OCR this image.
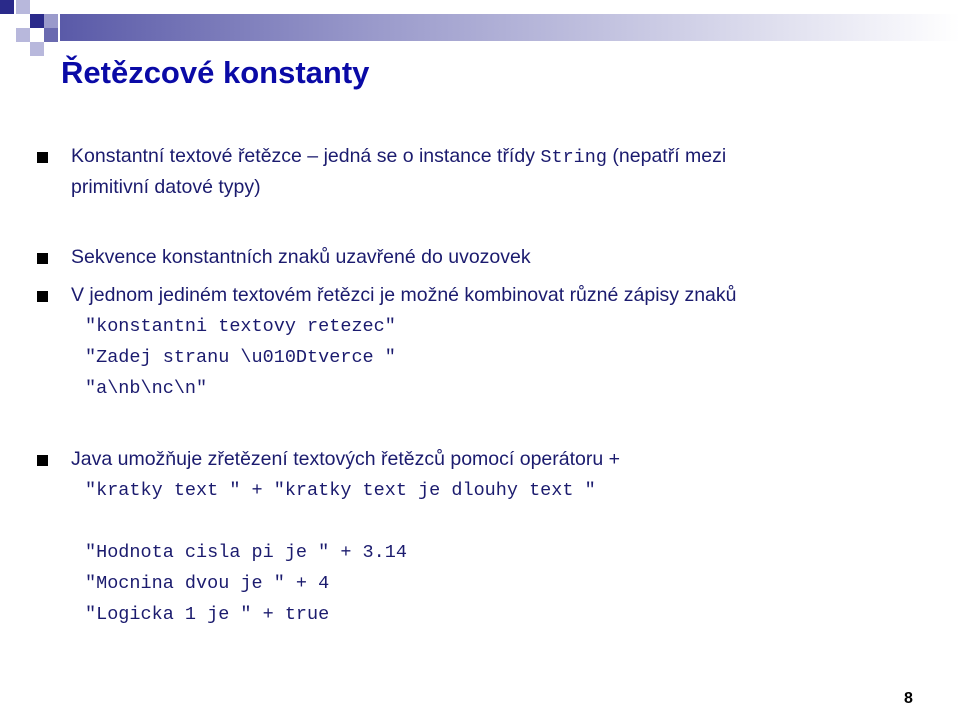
Řetězcové konstanty
Konstantní textové řetězce – jedná se o instance třídy String (nepatří mezi
primitivní datové typy)
Sekvence konstantních znaků uzavřené do uvozovek
V jednom jediném textovém řetězci je možné kombinovat různé zápisy znaků
"konstantni textovy retezec"
"Zadej stranu \u010Dtverce "
"a\nb\nc\n"
Java umožňuje zřetězení textových řetězců pomocí operátoru +
"kratky text " + "kratky text je dlouhy text "
"Hodnota cisla pi je " + 3.14
"Mocnina dvou je " + 4
"Logicka 1 je " + true
8
